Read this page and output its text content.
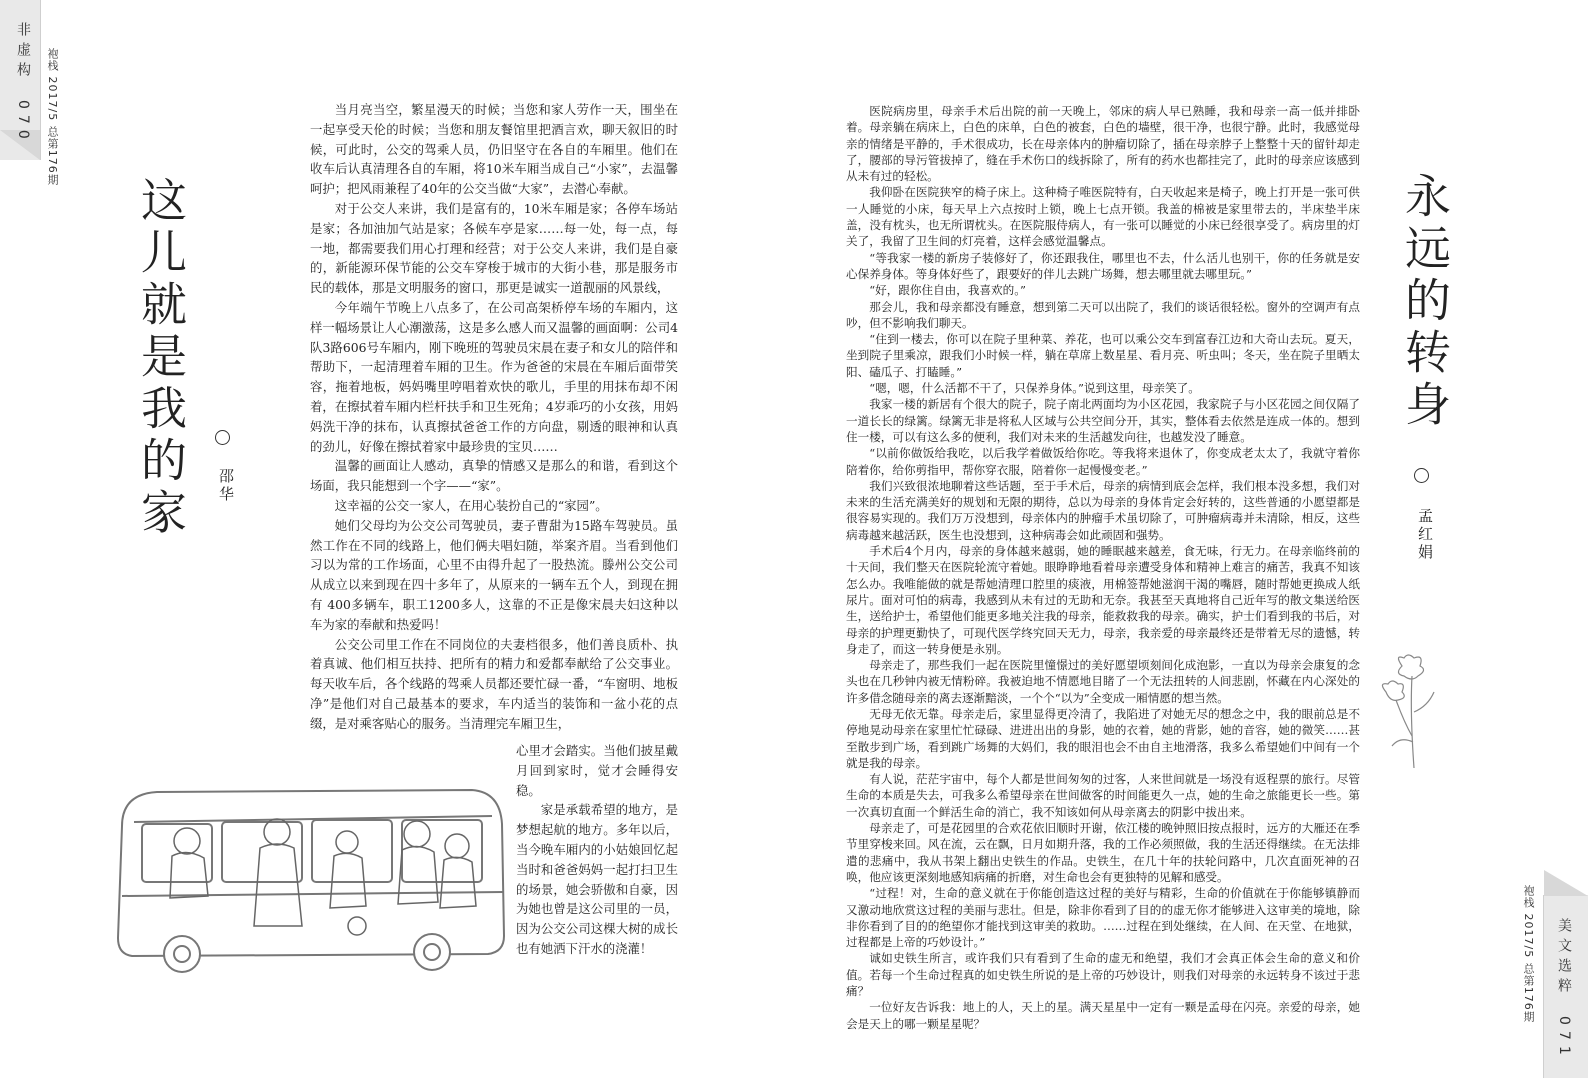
非虚构 070 袍栈 2017/5 总第176期
美文选粹 071
袍栈 2017/5 总第176期
这儿就是我的家 邵华

当月亮当空，繁星漫天的时候；当您和家人劳作一天，围坐在一起享受天伦的时候；当您和朋友餐馆里把酒言欢，聊天叙旧的时候，可此时，公交的驾乘人员，仍旧坚守在各自的车厢里。他们在收车后认真清理各自的车厢，将10米车厢当成自己“小家”，去温馨呵护；把风雨兼程了40年的公交当做“大家”，去潜心奉献。

对于公交人来讲，我们是富有的，10米车厢是家；各停车场站是家；各加油加气站是家；各候车亭是家……每一处，每一点，每一地，都需要我们用心打理和经营；对于公交人来讲，我们是自豪的，新能源环保节能的公交车穿梭于城市的大街小巷，那是服务市民的载体，那是文明服务的窗口，那更是诚实一道靓丽的风景线，

今年端午节晚上八点多了，在公司高架桥停车场的车厢内，这样一幅场景让人心潮激荡，这是多么感人而又温馨的画面啊：公司4队3路606号车厢内，刚下晚班的驾驶员宋晨在妻子和女儿的陪伴和帮助下，一起清理着车厢的卫生。作为爸爸的宋晨在车厢后面带笑容，拖着地板，妈妈嘴里哼唱着欢快的歌儿，手里的用抹布却不闲着，在擦拭着车厢内栏杆扶手和卫生死角；4岁乖巧的小女孩，用妈妈洗干净的抹布，认真擦拭爸爸工作的方向盘，剔透的眼神和认真的劲儿，好像在擦拭着家中最珍贵的宝贝……

温馨的画面让人感动，真挚的情感又是那么的和谐，看到这个场面，我只能想到一个字——“家”。

这幸福的公交一家人，在用心装扮自己的“家园”。

她们父母均为公交公司驾驶员，妻子曹甜为15路车驾驶员。虽然工作在不同的线路上，他们俩夫唱妇随，举案齐眉。当看到他们习以为常的工作场面，心里不由得升起了一股热流。滕州公交公司从成立以来到现在四十多年了，从原来的一辆车五个人，到现在拥有 400多辆车，职工1200多人，这靠的不正是像宋晨夫妇这种以车为家的奉献和热爱吗！

公交公司里工作在不同岗位的夫妻档很多，他们善良质朴、执着真诚、他们相互扶持、把所有的精力和爱都奉献给了公交事业。每天收车后，各个线路的驾乘人员都还要忙碌一番，“车窗明、地板净”是他们对自己最基本的要求，车内适当的装饰和一盆小花的点缀，是对乘客贴心的服务。当清理完车厢卫生，

心里才会踏实。当他们披星戴月回到家时，觉才会睡得安稳。

家是承载希望的地方，是梦想起航的地方。多年以后，当今晚车厢内的小姑娘回忆起当时和爸爸妈妈一起打扫卫生的场景，她会骄傲和自豪，因为她也曾是这公司里的一员，因为公交公司这棵大树的成长也有她洒下汗水的浇灌！

永远的转身
孟红娟

医院病房里，母亲手术后出院的前一天晚上，邻床的病人早已熟睡，我和母亲一高一低并排卧着。母亲躺在病床上，白色的床单，白色的被套，白色的墙壁，很干净，也很宁静。此时，我感觉母亲的情绪是平静的，手术很成功，长在母亲体内的肿瘤切除了，插在母亲脖子上整整十天的留针却走了，腰部的导污管拔掉了，缝在手术伤口的线拆除了，所有的药水也都挂完了，此时的母亲应该感到从未有过的轻松。

我仰卧在医院狭窄的椅子床上。这种椅子唯医院特有，白天收起来是椅子，晚上打开是一张可供一人睡觉的小床，每天早上六点按时上锁，晚上七点开锁。我盖的棉被是家里带去的，半床垫半床盖，没有枕头，也无所谓枕头。在医院服侍病人，有一张可以睡觉的小床已经很享受了。病房里的灯关了，我留了卫生间的灯亮着，这样会感觉温馨点。

“等我家一楼的新房子装修好了，你还跟我住，哪里也不去，什么活儿也别干，你的任务就是安心保养身体。等身体好些了，跟要好的伴儿去跳广场舞，想去哪里就去哪里玩。”

“好，跟你住自由，我喜欢的。”

那会儿，我和母亲都没有睡意，想到第二天可以出院了，我们的谈话很轻松。窗外的空调声有点吵，但不影响我们聊天。

“住到一楼去，你可以在院子里种菜、养花，也可以乘公交车到富春江边和大奇山去玩。夏天，坐到院子里乘凉，跟我们小时候一样，躺在草席上数星星、看月亮、听虫叫；冬天，坐在院子里晒太阳、磕瓜子、打瞌睡。”

“嗯，嗯，什么活都不干了，只保养身体。”说到这里，母亲笑了。

我家一楼的新居有个很大的院子，院子南北两面均为小区花园，我家院子与小区花园之间仅隔了一道长长的绿篱。绿篱无非是将私人区域与公共空间分开，其实，整体看去依然是连成一体的。想到住一楼，可以有这么多的便利，我们对未来的生活越发向往，也越发没了睡意。

“以前你做饭给我吃，以后我学着做饭给你吃。等我将来退休了，你变成老太太了，我就守着你陪着你，给你剪指甲，帮你穿衣服，陪着你一起慢慢变老。”

我们兴致很浓地聊着这些话题，至于手术后，母亲的病情到底会怎样，我们根本没多想，我们对未来的生活充满美好的规划和无限的期待，总以为母亲的身体肯定会好转的，这些普通的小愿望都是很容易实现的。我们万万没想到，母亲体内的肿瘤手术虽切除了，可肿瘤病毒并未清除，相反，这些病毒越来越活跃，医生也没想到，这种病毒会如此顽固和强势。

手术后4个月内，母亲的身体越来越弱，她的睡眠越来越差，食无味，行无力。在母亲临终前的十天间，我们整天在医院轮流守着她。眼睁睁地看着母亲遭受身体和精神上难言的痛苦，我真不知该怎么办。我唯能做的就是帮她清理口腔里的痰液，用棉签帮她滋润干渴的嘴唇，随时帮她更换成人纸尿片。面对可怕的病毒，我感到从未有过的无助和无奈。我甚至天真地将自己近年写的散文集送给医生，送给护士，希望他们能更多地关注我的母亲，能救救我的母亲。确实，护士们看到我的书后，对母亲的护理更勤快了，可现代医学终究回天无力，母亲，我亲爱的母亲最终还是带着无尽的遗憾，转身走了，而这一转身便是永别。

母亲走了，那些我们一起在医院里憧憬过的美好愿望顷刻间化成泡影，一直以为母亲会康复的念头也在几秒钟内被无情粉碎。我被迫地不情愿地目睹了一个无法扭转的人间悲剧，怀藏在内心深处的许多借念随母亲的离去逐渐黯淡，一个个“以为”全变成一厢情愿的想当然。

无母无依无靠。母亲走后，家里显得更冷清了，我陷进了对她无尽的想念之中，我的眼前总是不停地晃动母亲在家里忙忙碌碌、进进出出的身影，她的衣着，她的背影，她的音容，她的微笑……甚至散步到广场，看到跳广场舞的大妈们，我的眼泪也会不由自主地滑落，我多么希望她们中间有一个就是我的母亲。

有人说，茫茫宇宙中，每个人都是世间匆匆的过客，人来世间就是一场没有返程票的旅行。尽管生命的本质是失去，可我多么希望母亲在世间做客的时间能更久一点，她的生命之旅能更长一些。第一次真切直面一个鲜活生命的消亡，我不知该如何从母亲离去的阴影中拔出来。

母亲走了，可是花园里的合欢花依旧顺时开谢，依江楼的晚钟照旧按点报时，远方的大雁还在季节里穿梭来回。风在流，云在飘，日月如期升落，我的工作必须照做，我的生活还得继续。在无法排遣的悲痛中，我从书架上翻出史铁生的作品。史铁生，在几十年的扶轮问路中，几次直面死神的召唤，他应该更深刻地感知病痛的折磨，对生命也会有更独特的见解和感受。

“过程！对，生命的意义就在于你能创造这过程的美好与精彩，生命的价值就在于你能够镇静而又激动地欣赏这过程的美丽与悲壮。但是，除非你看到了目的的虚无你才能够进入这审美的境地，除非你看到了目的的绝望你才能找到这审美的救助。……过程在到处继续，在人间、在天堂、在地狱，过程都是上帝的巧妙设计。”

诚如史铁生所言，或许我们只有看到了生命的虚无和绝望，我们才会真正体会生命的意义和价值。若每一个生命过程真的如史铁生所说的是上帝的巧妙设计，则我们对母亲的永远转身不该过于悲痛？

一位好友告诉我：地上的人，天上的星。满天星星中一定有一颗是孟母在闪亮。亲爱的母亲，她会是天上的哪一颗星星呢？
